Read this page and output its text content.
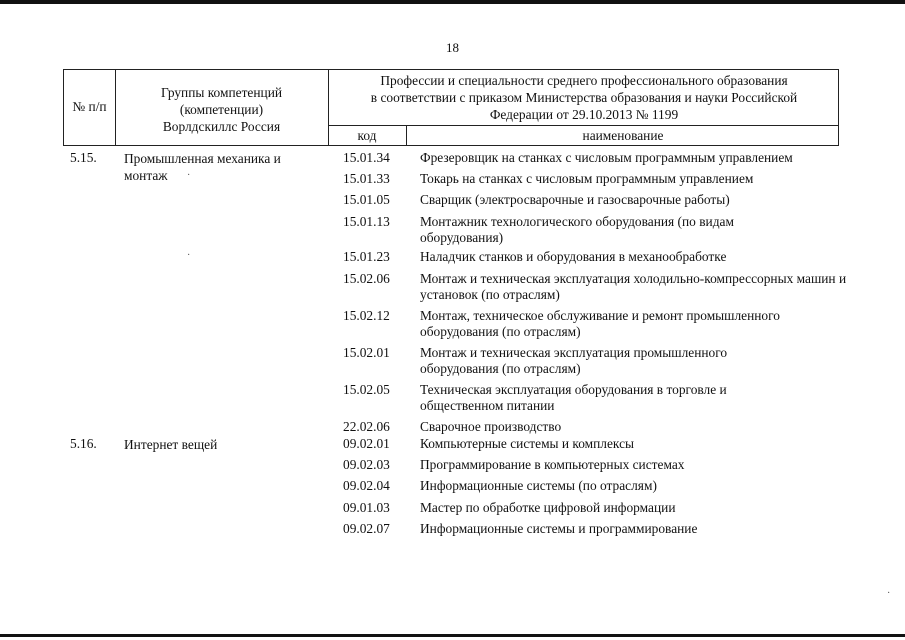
18
№ п/п
Группы компетенций
(компетенции)
Ворлдскиллс Россия
Профессии и специальности среднего профессионального образования
в соответствии с приказом Министерства образования и науки Российской
Федерации от 29.10.2013 № 1199
код	наименование
5.15. Промышленная механика и
монтаж
15.01.34 Фрезеровщик на станках с числовым программным управлением
15.01.33 Токарь на станках с числовым программным управлением
15.01.05 Сварщик (электросварочные и газосварочные работы)
15.01.13 Монтажник технологического оборудования (по видам оборудования)
15.01.23 Наладчик станков и оборудования в механообработке
15.02.06 Монтаж и техническая эксплуатация холодильно-компрессорных машин и установок (по отраслям)
15.02.12 Монтаж, техническое обслуживание и ремонт промышленного оборудования (по отраслям)
15.02.01 Монтаж и техническая эксплуатация промышленного оборудования (по отраслям)
15.02.05 Техническая эксплуатация оборудования в торговле и общественном питании
22.02.06 Сварочное производство
5.16. Интернет вещей	09.02.01 Компьютерные системы и комплексы
09.02.03 Программирование в компьютерных системах
09.02.04 Информационные системы (по отраслям)
09.01.03 Мастер по обработке цифровой информации
09.02.07 Информационные системы и программирование
·
·
·
